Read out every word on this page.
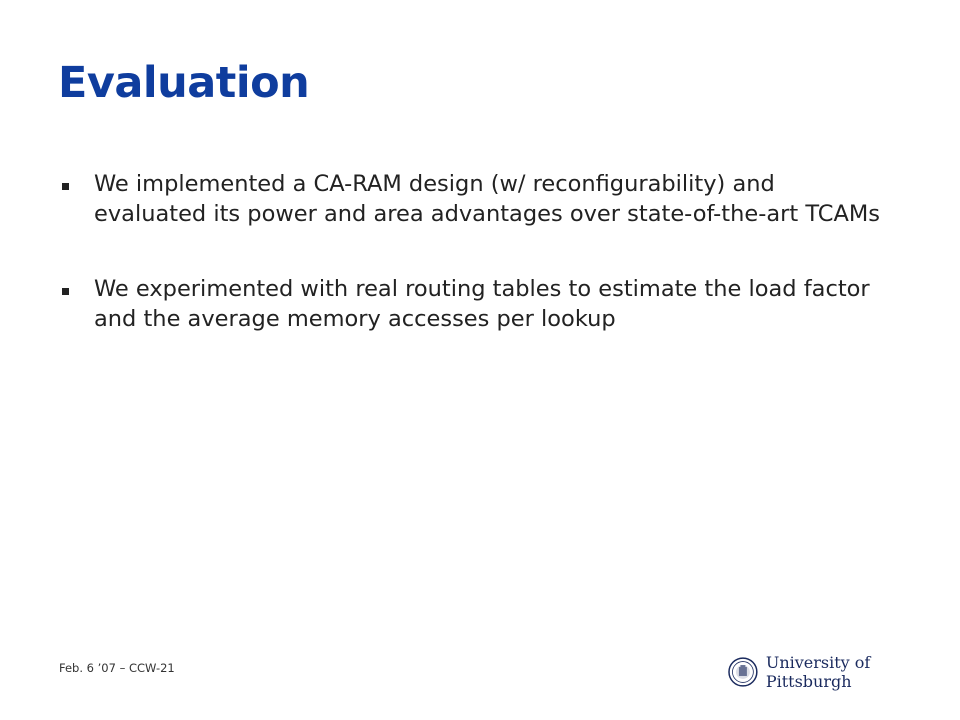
Evaluation
We implemented a CA-RAM design (w/ reconfigurability) and evaluated its power and area advantages over state-of-the-art TCAMs
We experimented with real routing tables to estimate the load factor and the average memory accesses per lookup
Feb. 6 ’07 – CCW-21	University of Pittsburgh
